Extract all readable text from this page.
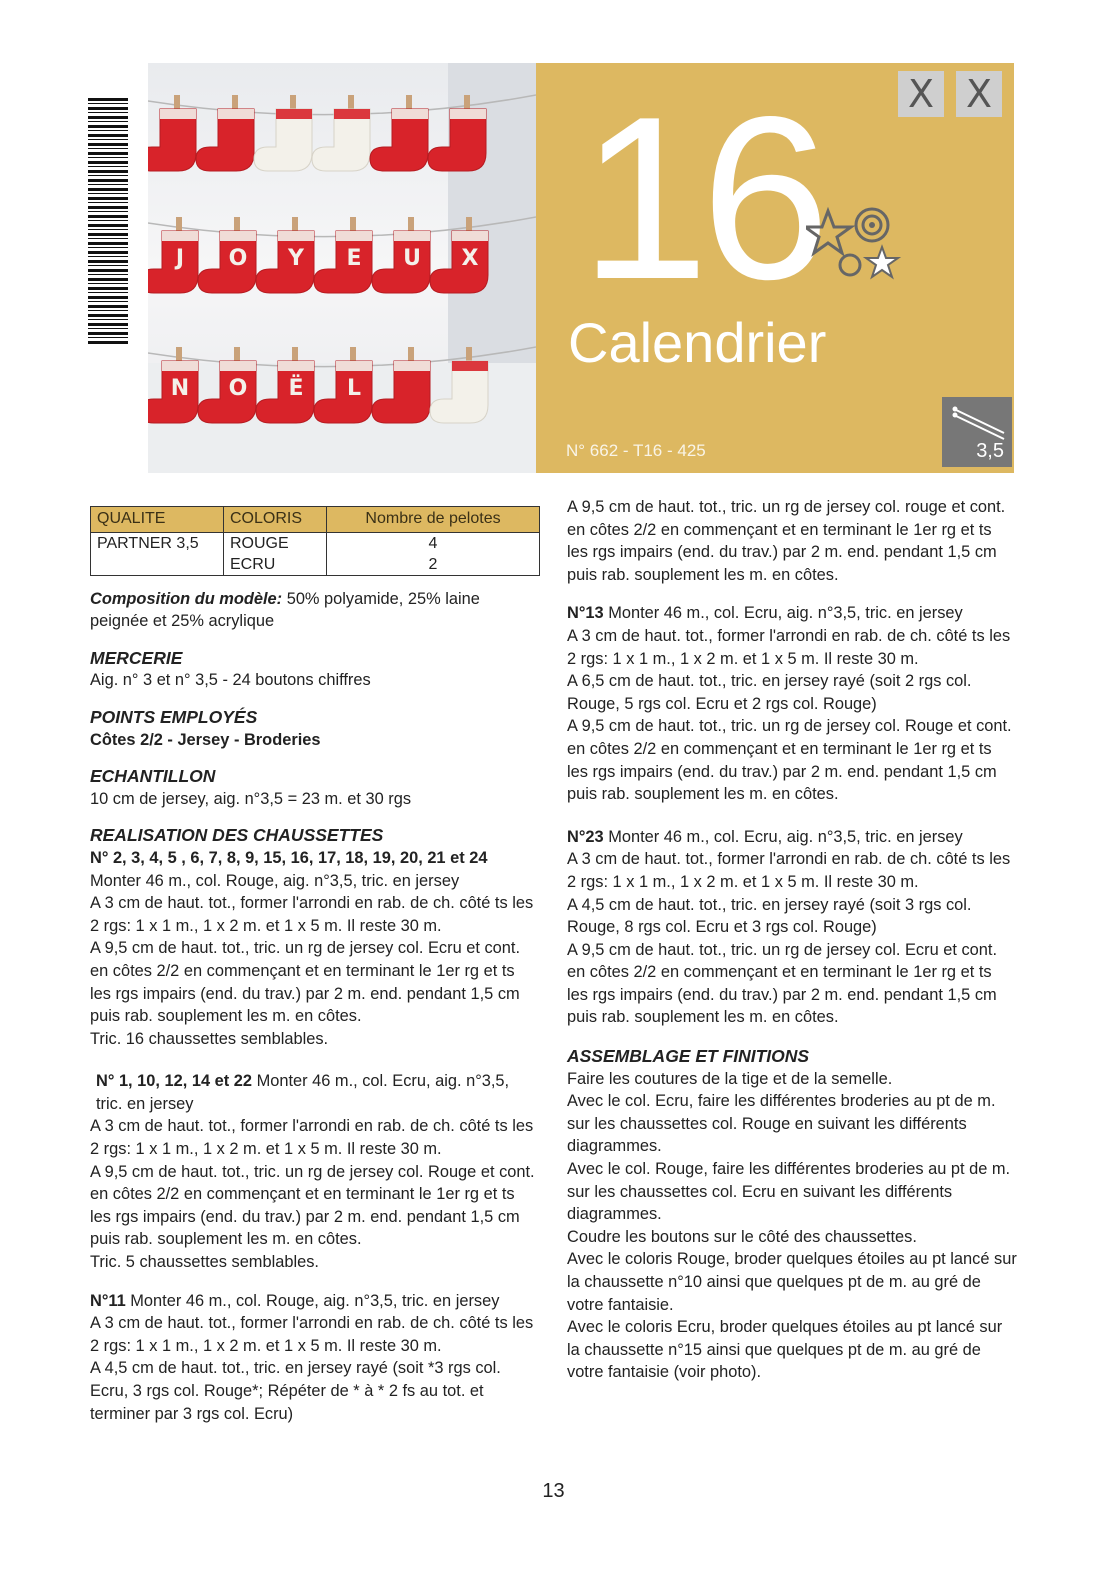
J O Y E U X
N O Ë L
X X
16
Calendrier
N° 662 - T16 - 425	3,5
QUALITE	COLORIS	Nombre de pelotes
PARTNER 3,5	ROUGE	4
	ECRU	2

Composition du modèle: 50% polyamide, 25% laine peignée et 25% acrylique

MERCERIE

Aig. n° 3 et n° 3,5 - 24 boutons chiffres

POINTS EMPLOYÉS

Côtes 2/2 - Jersey - Broderies

ECHANTILLON

10 cm de jersey, aig. n°3,5 = 23 m. et 30 rgs

REALISATION DES CHAUSSETTES

N° 2, 3, 4, 5 , 6, 7, 8, 9, 15, 16, 17, 18, 19, 20, 21 et 24

Monter 46 m., col. Rouge, aig. n°3,5, tric. en jersey

A 3 cm de haut. tot., former l'arrondi en rab. de ch. côté ts les 2 rgs: 1 x 1 m., 1 x 2 m. et 1 x 5 m. Il reste 30 m.

A 9,5 cm de haut. tot., tric. un rg de jersey col. Ecru et cont. en côtes 2/2 en commençant et en terminant le 1er rg et ts les rgs impairs (end. du trav.) par 2 m. end. pendant 1,5 cm puis rab. souplement les m. en côtes.

Tric. 16 chaussettes semblables.

N° 1, 10, 12, 14 et 22 Monter 46 m., col. Ecru, aig. n°3,5, tric. en jersey

A 3 cm de haut. tot., former l'arrondi en rab. de ch. côté ts les 2 rgs: 1 x 1 m., 1 x 2 m. et 1 x 5 m. Il reste 30 m.

A 9,5 cm de haut. tot., tric. un rg de jersey col. Rouge et cont. en côtes 2/2 en commençant et en terminant le 1er rg et ts les rgs impairs (end. du trav.) par 2 m. end. pendant 1,5 cm puis rab. souplement les m. en côtes.

Tric. 5 chaussettes semblables.

N°11 Monter 46 m., col. Rouge, aig. n°3,5, tric. en jersey

A 3 cm de haut. tot., former l'arrondi en rab. de ch. côté ts les 2 rgs: 1 x 1 m., 1 x 2 m. et 1 x 5 m. Il reste 30 m.

A 4,5 cm de haut. tot., tric. en jersey rayé (soit *3 rgs col. Ecru, 3 rgs col. Rouge*; Répéter de * à * 2 fs au tot. et terminer par 3 rgs col. Ecru)

A 9,5 cm de haut. tot., tric. un rg de jersey col. rouge et cont. en côtes 2/2 en commençant et en terminant le 1er rg et ts les rgs impairs (end. du trav.) par 2 m. end. pendant 1,5 cm puis rab. souplement les m. en côtes.

N°13 Monter 46 m., col. Ecru, aig. n°3,5, tric. en jersey

A 3 cm de haut. tot., former l'arrondi en rab. de ch. côté ts les 2 rgs: 1 x 1 m., 1 x 2 m. et 1 x 5 m. Il reste 30 m.

A 6,5 cm de haut. tot., tric. en jersey rayé (soit 2 rgs col. Rouge, 5 rgs col. Ecru et 2 rgs col. Rouge)

A 9,5 cm de haut. tot., tric. un rg de jersey col. Rouge et cont. en côtes 2/2 en commençant et en terminant le 1er rg et ts les rgs impairs (end. du trav.) par 2 m. end. pendant 1,5 cm puis rab. souplement les m. en côtes.

N°23 Monter 46 m., col. Ecru, aig. n°3,5, tric. en jersey

A 3 cm de haut. tot., former l'arrondi en rab. de ch. côté ts les 2 rgs: 1 x 1 m., 1 x 2 m. et 1 x 5 m. Il reste 30 m.

A 4,5 cm de haut. tot., tric. en jersey rayé (soit 3 rgs col. Rouge, 8 rgs col. Ecru et 3 rgs col. Rouge)

A 9,5 cm de haut. tot., tric. un rg de jersey col. Ecru et cont. en côtes 2/2 en commençant et en terminant le 1er rg et ts les rgs impairs (end. du trav.) par 2 m. end. pendant 1,5 cm puis rab. souplement les m. en côtes.

ASSEMBLAGE ET FINITIONS

Faire les coutures de la tige et de la semelle.

Avec le col. Ecru, faire les différentes broderies au pt de m. sur les chaussettes col. Rouge en suivant les différents diagrammes.

Avec le col. Rouge, faire les différentes broderies au pt de m. sur les chaussettes col. Ecru en suivant les différents diagrammes.

Coudre les boutons sur le côté des chaussettes.

Avec le coloris Rouge, broder quelques étoiles au pt lancé sur la chaussette n°10 ainsi que quelques pt de m. au gré de votre fantaisie.

Avec le coloris Ecru, broder quelques étoiles au pt lancé sur la chaussette n°15 ainsi que quelques pt de m. au gré de votre fantaisie (voir photo).

13
